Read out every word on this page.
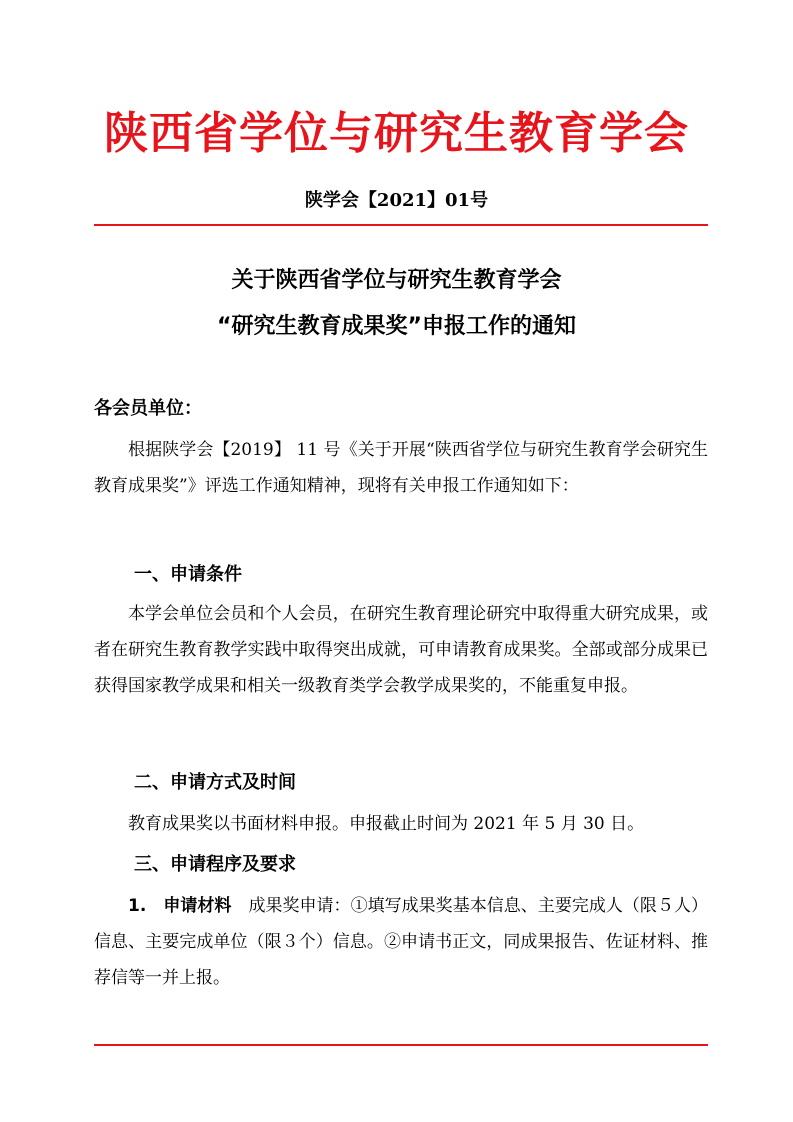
陕西省学位与研究生教育学会
陕学会【2021】01号
关于陕西省学位与研究生教育学会
“研究生教育成果奖”申报工作的通知
各会员单位：

根据陕学会【2019】 11 号《关于开展“陕西省学位与研究生教育学会研究生教育成果奖”》评选工作通知精神，现将有关申报工作通知如下：

一、申请条件

本学会单位会员和个人会员，在研究生教育理论研究中取得重大研究成果，或者在研究生教育教学实践中取得突出成就，可申请教育成果奖。全部或部分成果已获得国家教学成果和相关一级教育类学会教学成果奖的，不能重复申报。

二、申请方式及时间

教育成果奖以书面材料申报。申报截止时间为 2021 年 5 月 30 日。

三、申请程序及要求

1.　申请材料　成果奖申请：①填写成果奖基本信息、主要完成人（限５人）信息、主要完成单位（限３个）信息。②申请书正文，同成果报告、佐证材料、推荐信等一并上报。
